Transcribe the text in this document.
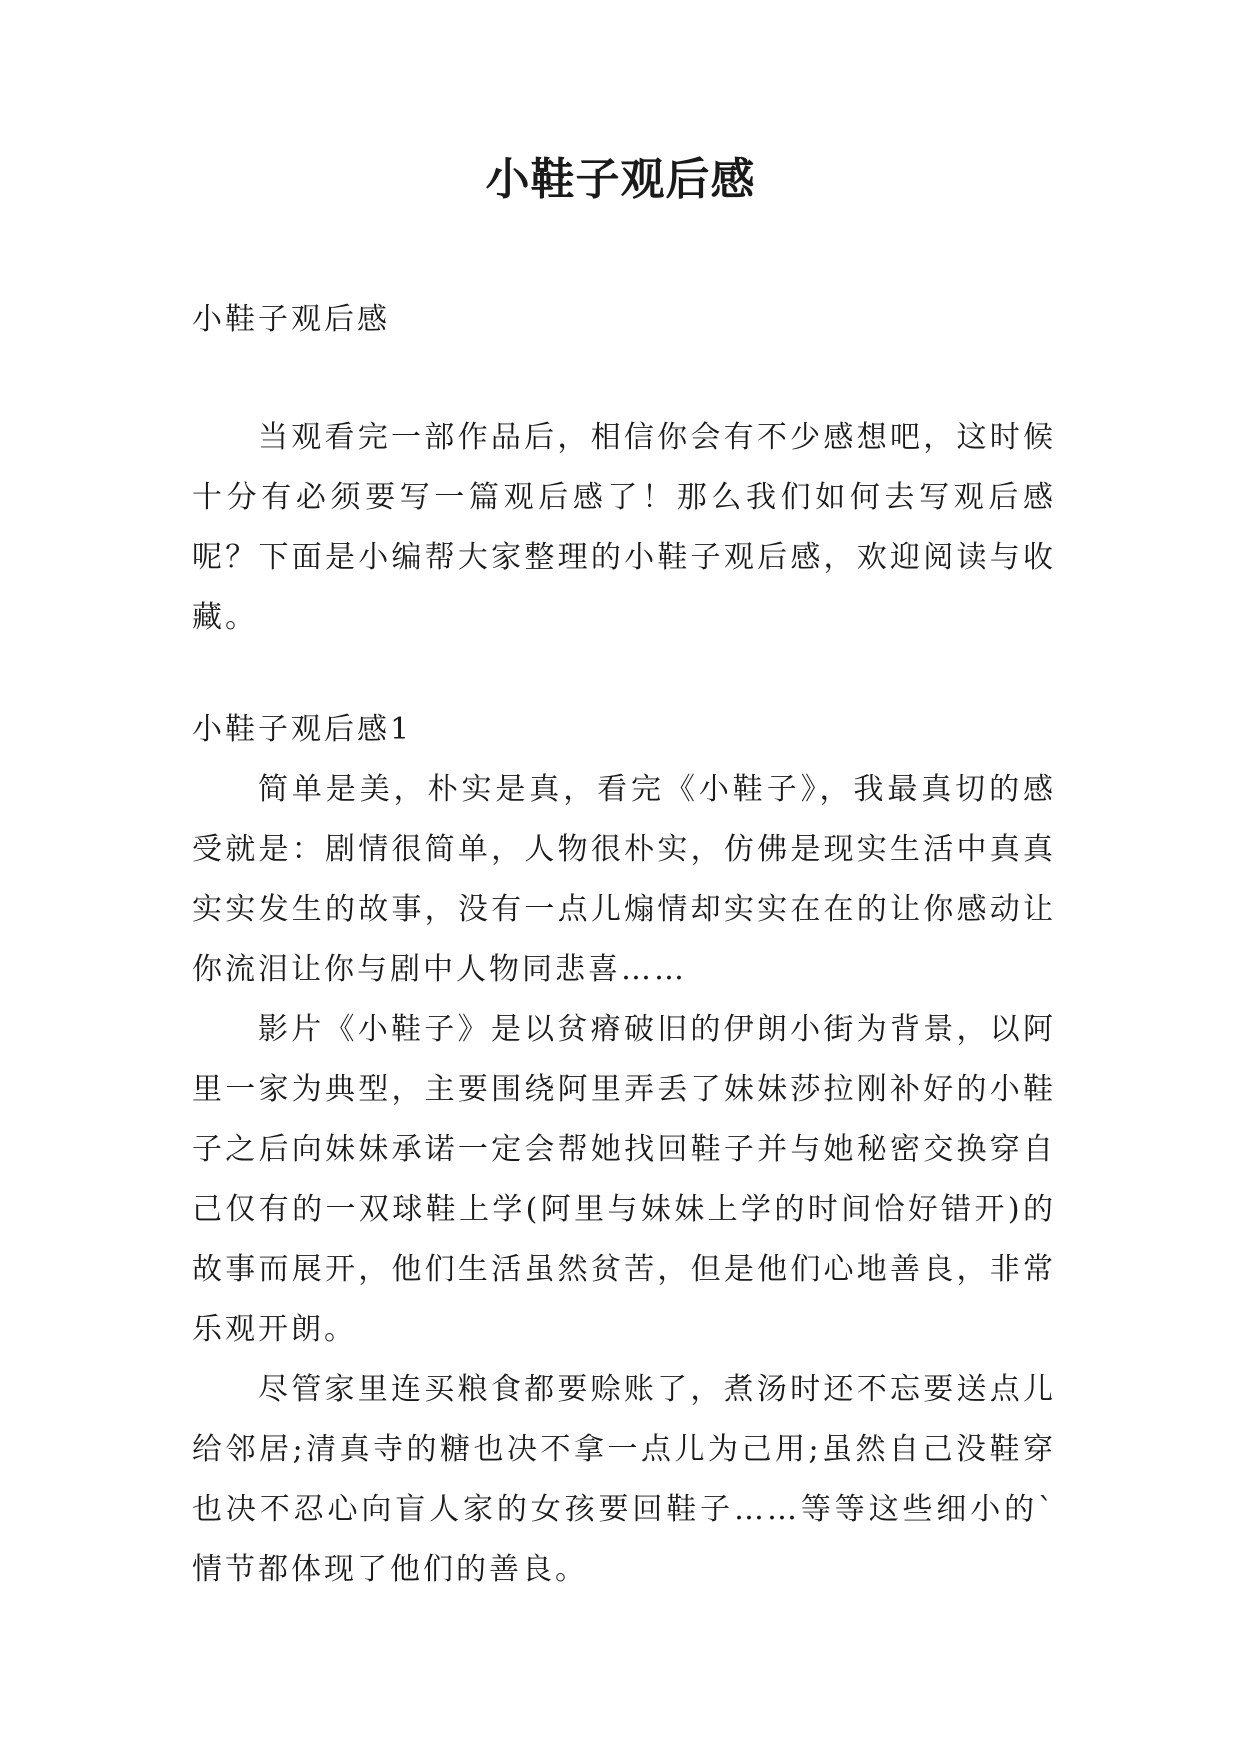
小鞋子观后感

小鞋子观后感

当观看完一部作品后，相信你会有不少感想吧，这时候十分有必须要写一篇观后感了！那么我们如何去写观后感呢？下面是小编帮大家整理的小鞋子观后感，欢迎阅读与收藏。

小鞋子观后感1

简单是美，朴实是真，看完《小鞋子》，我最真切的感受就是：剧情很简单，人物很朴实，仿佛是现实生活中真真实实发生的故事，没有一点儿煽情却实实在在的让你感动让你流泪让你与剧中人物同悲喜……

影片《小鞋子》是以贫瘠破旧的伊朗小街为背景，以阿里一家为典型，主要围绕阿里弄丢了妹妹莎拉刚补好的小鞋子之后向妹妹承诺一定会帮她找回鞋子并与她秘密交换穿自己仅有的一双球鞋上学(阿里与妹妹上学的时间恰好错开)的故事而展开，他们生活虽然贫苦，但是他们心地善良，非常乐观开朗。

尽管家里连买粮食都要赊账了，煮汤时还不忘要送点儿给邻居;清真寺的糖也决不拿一点儿为己用;虽然自己没鞋穿也决不忍心向盲人家的女孩要回鞋子……等等这些细小的`情节都体现了他们的善良。
